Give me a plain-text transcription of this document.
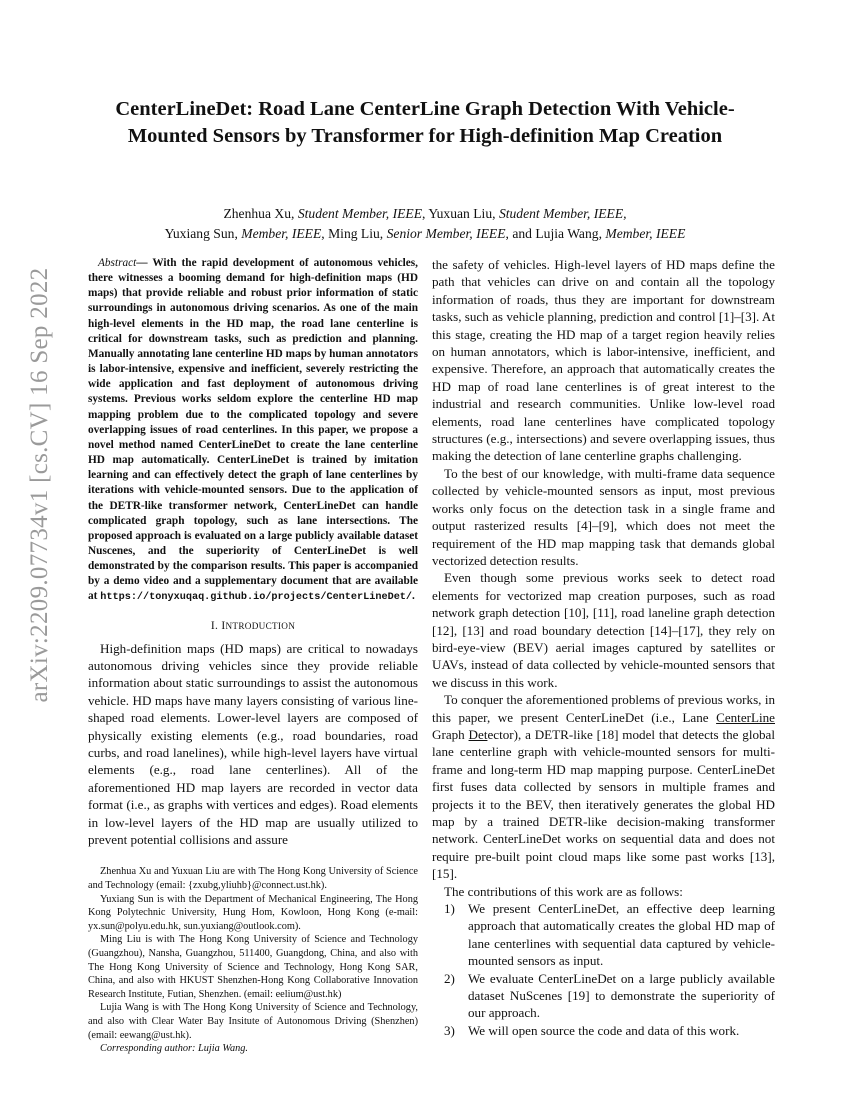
arXiv:2209.07734v1 [cs.CV] 16 Sep 2022
CenterLineDet: Road Lane CenterLine Graph Detection With Vehicle-Mounted Sensors by Transformer for High-definition Map Creation
Zhenhua Xu, Student Member, IEEE, Yuxuan Liu, Student Member, IEEE,
Yuxiang Sun, Member, IEEE, Ming Liu, Senior Member, IEEE, and Lujia Wang, Member, IEEE

Abstract— With the rapid development of autonomous vehicles, there witnesses a booming demand for high-definition maps (HD maps) that provide reliable and robust prior information of static surroundings in autonomous driving scenarios. As one of the main high-level elements in the HD map, the road lane centerline is critical for downstream tasks, such as prediction and planning. Manually annotating lane centerline HD maps by human annotators is labor-intensive, expensive and inefficient, severely restricting the wide application and fast deployment of autonomous driving systems. Previous works seldom explore the centerline HD map mapping problem due to the complicated topology and severe overlapping issues of road centerlines. In this paper, we propose a novel method named CenterLineDet to create the lane centerline HD map automatically. CenterLineDet is trained by imitation learning and can effectively detect the graph of lane centerlines by iterations with vehicle-mounted sensors. Due to the application of the DETR-like transformer network, CenterLineDet can handle complicated graph topology, such as lane intersections. The proposed approach is evaluated on a large publicly available dataset Nuscenes, and the superiority of CenterLineDet is well demonstrated by the comparison results. This paper is accompanied by a demo video and a supplementary document that are available at https://tonyxuqaq.github.io/projects/CenterLineDet/.

I. INTRODUCTION

High-definition maps (HD maps) are critical to nowadays autonomous driving vehicles since they provide reliable information about static surroundings to assist the autonomous vehicle. HD maps have many layers consisting of various line-shaped road elements. Lower-level layers are composed of physically existing elements (e.g., road boundaries, road curbs, and road lanelines), while high-level layers have virtual elements (e.g., road lane centerlines). All of the aforementioned HD map layers are recorded in vector data format (i.e., as graphs with vertices and edges). Road elements in low-level layers of the HD map are usually utilized to prevent potential collisions and assure

Zhenhua Xu and Yuxuan Liu are with The Hong Kong University of Science and Technology (email: {zxubg,yliuhb}@connect.ust.hk).

Yuxiang Sun is with the Department of Mechanical Engineering, The Hong Kong Polytechnic University, Hung Hom, Kowloon, Hong Kong (e-mail: yx.sun@polyu.edu.hk, sun.yuxiang@outlook.com).

Ming Liu is with The Hong Kong University of Science and Technology (Guangzhou), Nansha, Guangzhou, 511400, Guangdong, China, and also with The Hong Kong University of Science and Technology, Hong Kong SAR, China, and also with HKUST Shenzhen-Hong Kong Collaborative Innovation Research Institute, Futian, Shenzhen. (email: eelium@ust.hk)

Lujia Wang is with The Hong Kong University of Science and Technology, and also with Clear Water Bay Insitute of Autonomous Driving (Shenzhen) (email: eewang@ust.hk).

Corresponding author: Lujia Wang.

the safety of vehicles. High-level layers of HD maps define the path that vehicles can drive on and contain all the topology information of roads, thus they are important for downstream tasks, such as vehicle planning, prediction and control [1]–[3]. At this stage, creating the HD map of a target region heavily relies on human annotators, which is labor-intensive, inefficient, and expensive. Therefore, an approach that automatically creates the HD map of road lane centerlines is of great interest to the industrial and research communities. Unlike low-level road elements, road lane centerlines have complicated topology structures (e.g., intersections) and severe overlapping issues, thus making the detection of lane centerline graphs challenging.

To the best of our knowledge, with multi-frame data sequence collected by vehicle-mounted sensors as input, most previous works only focus on the detection task in a single frame and output rasterized results [4]–[9], which does not meet the requirement of the HD map mapping task that demands global vectorized detection results.

Even though some previous works seek to detect road elements for vectorized map creation purposes, such as road network graph detection [10], [11], road laneline graph detection [12], [13] and road boundary detection [14]–[17], they rely on bird-eye-view (BEV) aerial images captured by satellites or UAVs, instead of data collected by vehicle-mounted sensors that we discuss in this work.

To conquer the aforementioned problems of previous works, in this paper, we present CenterLineDet (i.e., Lane CenterLine Graph Detector), a DETR-like [18] model that detects the global lane centerline graph with vehicle-mounted sensors for multi-frame and long-term HD map mapping purpose. CenterLineDet first fuses data collected by sensors in multiple frames and projects it to the BEV, then iteratively generates the global HD map by a trained DETR-like decision-making transformer network. CenterLineDet works on sequential data and does not require pre-built point cloud maps like some past works [13], [15].

The contributions of this work are as follows:

1) We present CenterLineDet, an effective deep learning approach that automatically creates the global HD map of lane centerlines with sequential data captured by vehicle-mounted sensors as input.
2) We evaluate CenterLineDet on a large publicly available dataset NuScenes [19] to demonstrate the superiority of our approach.
3) We will open source the code and data of this work.
